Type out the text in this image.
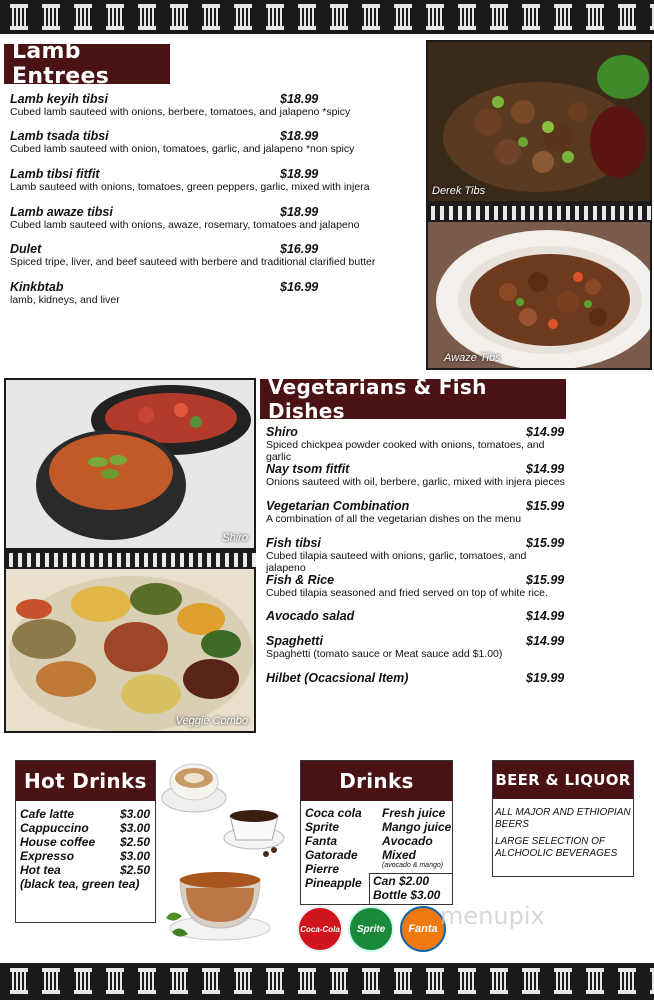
Lamb Entrees
Lamb keyih tibsi
Cubed lamb sauteed with onions, berbere, tomatoes, and jalapeno *spicy
$18.99
Lamb tsada tibsi
Cubed lamb sauteed with onion, tomatoes, garlic, and jalapeno *non spicy
$18.99
Lamb tibsi fitfit
Lamb sauteed with onions, tomatoes, green peppers, garlic, mixed with injera
$18.99
Lamb awaze tibsi
Cubed lamb sauteed with onions, awaze, rosemary, tomatoes and jalapeno
$18.99
Dulet
Spiced tripe, liver, and beef sauteed with berbere and traditional clarified butter
$16.99
Kinkbtab
lamb, kidneys, and liver
$16.99
Derek Tibs
Awaze Tibs
Shiro
Veggie Combo
Vegetarians & Fish Dishes
Shiro
Spiced chickpea powder cooked with onions, tomatoes, and garlic
$14.99
Nay tsom fitfit
Onions sauteed with oil, berbere, garlic, mixed with injera pieces
$14.99
Vegetarian Combination
A combination of all the vegetarian dishes on the menu
$15.99
Fish tibsi
Cubed tilapia sauteed with onions, garlic, tomatoes, and jalapeno
$15.99
Fish & Rice
Cubed tilapia seasoned and fried served on top of white rice.
$15.99
Avocado salad	$14.99
Spaghetti
Spaghetti (tomato sauce or Meat sauce add $1.00)
$14.99
Hilbet (Ocacsional Item)	$19.99
Hot Drinks
Cafe latte	$3.00
Cappuccino	$3.00
House coffee $2.50
Expresso	$3.00
Hot tea	$2.50
(black tea, green tea)
Drinks
Coca cola
Sprite
Fanta
Gatorade
Pierre
Pineapple
Fresh juice
Mango juice
Avocado
Mixed
(avocado & mango)
Can $2.00
Bottle $3.00
Coca-Cola Sprite Fanta menupix
BEER & LIQUOR
ALL MAJOR AND ETHIOPIAN BEERS
LARGE SELECTION OF ALCHOOLIC BEVERAGES
